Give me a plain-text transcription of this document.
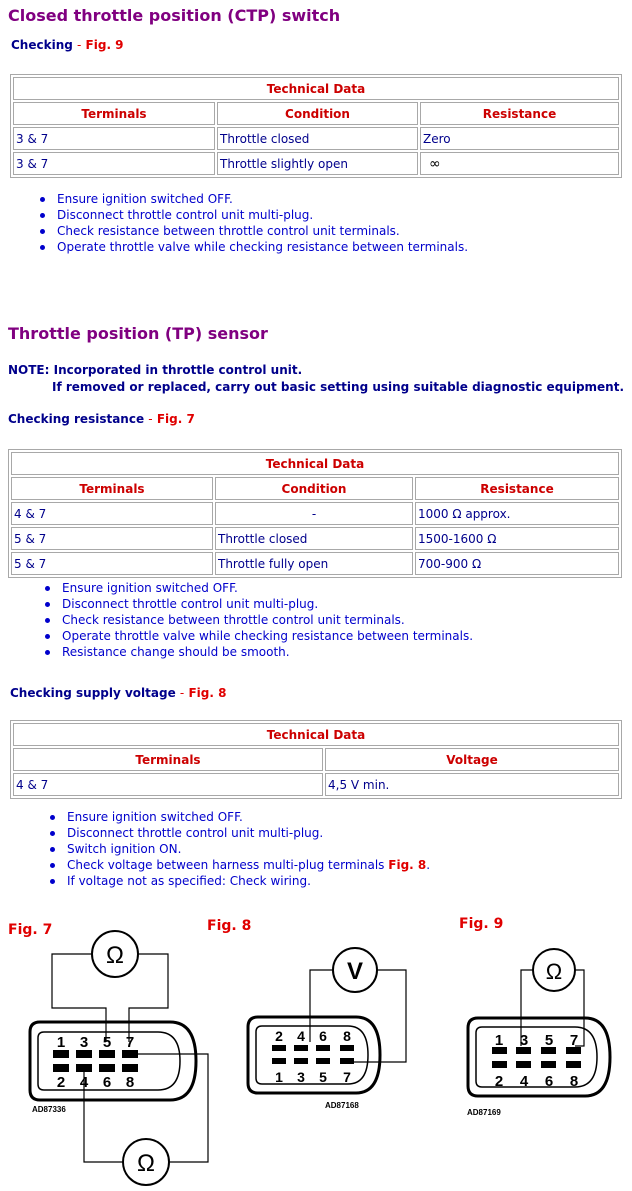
Closed throttle position (CTP) switch
Checking - Fig. 9
Technical Data		
Terminals	Condition	Resistance
3 & 7	Throttle closed	Zero
3 & 7	Throttle slightly open	∞
Ensure ignition switched OFF.
Disconnect throttle control unit multi-plug.
Check resistance between throttle control unit terminals.
Operate throttle valve while checking resistance between terminals.
Throttle position (TP) sensor
NOTE: Incorporated in throttle control unit.
If removed or replaced, carry out basic setting using suitable diagnostic equipment.
Checking resistance - Fig. 7
Technical Data		
Terminals	Condition	Resistance
4 & 7	-	1000 Ω approx.
5 & 7	Throttle closed	1500-1600 Ω
5 & 7	Throttle fully open	700-900 Ω
Ensure ignition switched OFF.
Disconnect throttle control unit multi-plug.
Check resistance between throttle control unit terminals.
Operate throttle valve while checking resistance between terminals.
Resistance change should be smooth.
Checking supply voltage - Fig. 8
Technical Data	
Terminals	Voltage
4 & 7	4,5 V min.
Ensure ignition switched OFF.
Disconnect throttle control unit multi-plug.
Switch ignition ON.
Check voltage between harness multi-plug terminals Fig. 8.
If voltage not as specified: Check wiring.
Fig. 7	Fig. 8	Fig. 9
Ω
1 3 5 7
2 4 6 8
AD87336
Ω
V
2 4 6 8
1 3 5 7
AD87168
Ω
1 3 5 7
2 4 6 8
AD87169
